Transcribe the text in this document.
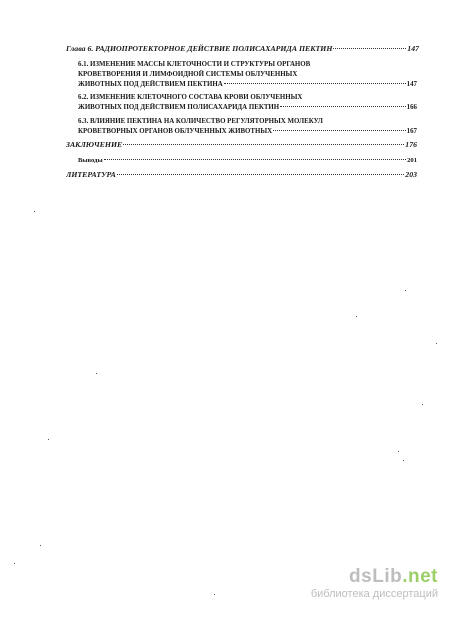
Глава 6. РАДИОПРОТЕКТОРНОЕ ДЕЙСТВИЕ ПОЛИСАХАРИДА ПЕКТИН	147
6.1. ИЗМЕНЕНИЕ МАССЫ КЛЕТОЧНОСТИ И СТРУКТУРЫ ОРГАНОВ
КРОВЕТВОРЕНИЯ И ЛИМФОИДНОЙ СИСТЕМЫ ОБЛУЧЕННЫХ
ЖИВОТНЫХ ПОД ДЕЙСТВИЕМ ПЕКТИНА	147
6.2. ИЗМЕНЕНИЕ КЛЕТОЧНОГО СОСТАВА КРОВИ ОБЛУЧЕННЫХ
ЖИВОТНЫХ ПОД ДЕЙСТВИЕМ ПОЛИСАХАРИДА ПЕКТИН	166
6.3. ВЛИЯНИЕ ПЕКТИНА НА КОЛИЧЕСТВО РЕГУЛЯТОРНЫХ МОЛЕКУЛ
КРОВЕТВОРНЫХ ОРГАНОВ ОБЛУЧЕННЫХ ЖИВОТНЫХ	167
ЗАКЛЮЧЕНИЕ	176
Выводы	201
ЛИТЕРАТУРА	203
dsLib.net
библиотека диссертаций
